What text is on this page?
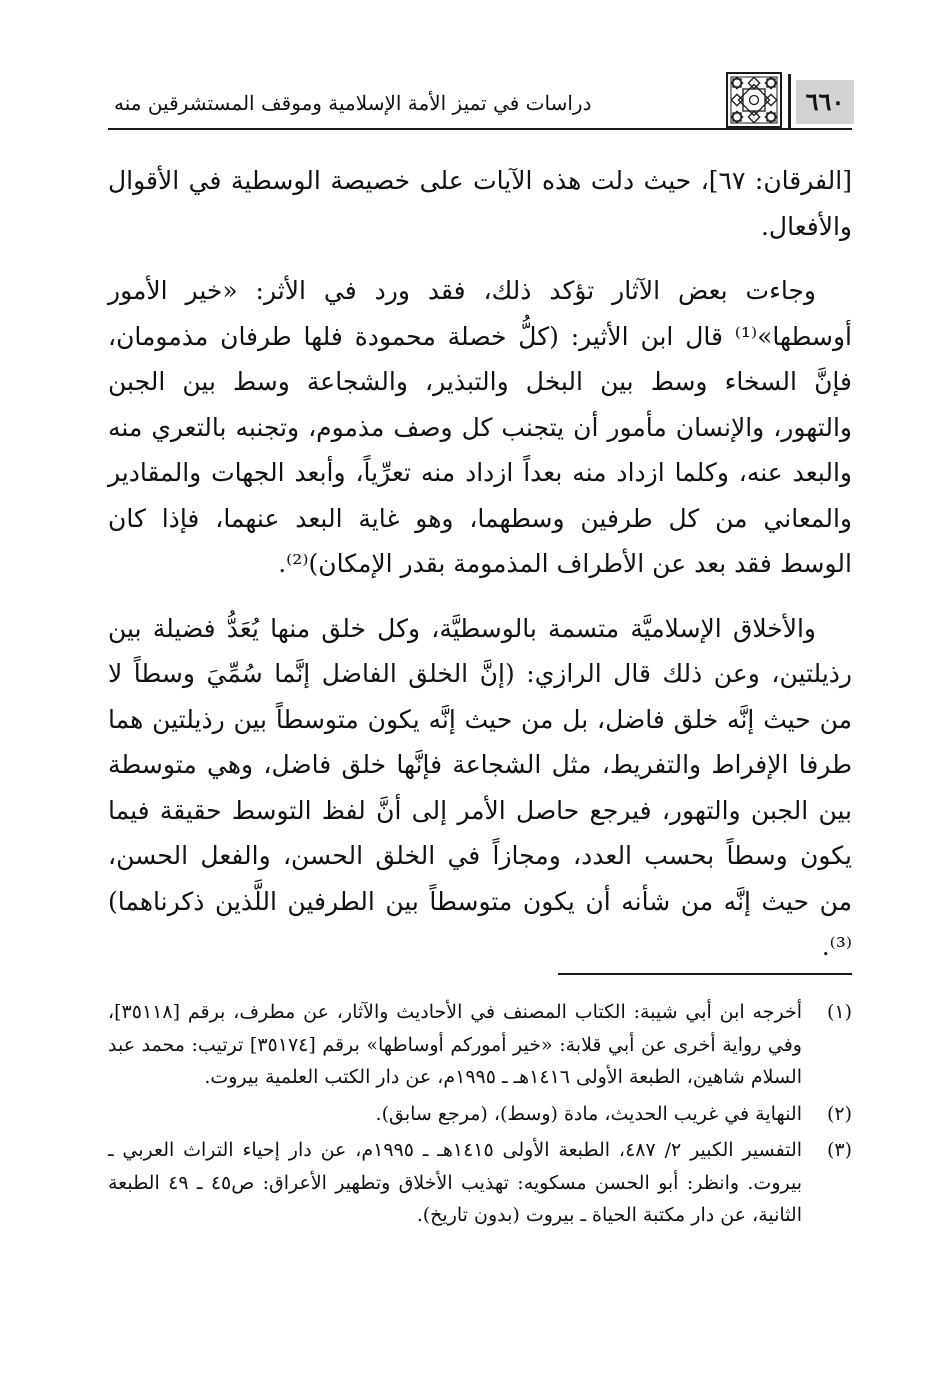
دراسات في تميز الأمة الإسلامية وموقف المستشرقين منه	٦٦٠

[الفرقان: ٦٧]، حيث دلت هذه الآيات على خصيصة الوسطية في الأقوال والأفعال.

وجاءت بعض الآثار تؤكد ذلك، فقد ورد في الأثر: «خير الأمور أوسطها»⁽¹⁾ قال ابن الأثير: (كلُّ خصلة محمودة فلها طرفان مذمومان، فإنَّ السخاء وسط بين البخل والتبذير، والشجاعة وسط بين الجبن والتهور، والإنسان مأمور أن يتجنب كل وصف مذموم، وتجنبه بالتعري منه والبعد عنه، وكلما ازداد منه بعداً ازداد منه تعرِّياً، وأبعد الجهات والمقادير والمعاني من كل طرفين وسطهما، وهو غاية البعد عنهما، فإذا كان الوسط فقد بعد عن الأطراف المذمومة بقدر الإمكان)⁽²⁾.

والأخلاق الإسلاميَّة متسمة بالوسطيَّة، وكل خلق منها يُعَدُّ فضيلة بين رذيلتين، وعن ذلك قال الرازي: (إنَّ الخلق الفاضل إنَّما سُمِّيَ وسطاً لا من حيث إنَّه خلق فاضل، بل من حيث إنَّه يكون متوسطاً بين رذيلتين هما طرفا الإفراط والتفريط، مثل الشجاعة فإنَّها خلق فاضل، وهي متوسطة بين الجبن والتهور، فيرجع حاصل الأمر إلى أنَّ لفظ التوسط حقيقة فيما يكون وسطاً بحسب العدد، ومجازاً في الخلق الحسن، والفعل الحسن، من حيث إنَّه من شأنه أن يكون متوسطاً بين الطرفين اللَّذين ذكرناهما)⁽³⁾.

(١)
أخرجه ابن أبي شيبة: الكتاب المصنف في الأحاديث والآثار، عن مطرف، برقم [٣٥١١٨]، وفي رواية أخرى عن أبي قلابة: «خير أموركم أوساطها» برقم [٣٥١٧٤] ترتيب: محمد عبد السلام شاهين، الطبعة الأولى ١٤١٦هـ ـ ١٩٩٥م، عن دار الكتب العلمية بيروت.
(٢)
النهاية في غريب الحديث، مادة (وسط)، (مرجع سابق).
(٣)
التفسير الكبير ٢/ ٤٨٧، الطبعة الأولى ١٤١٥هـ ـ ١٩٩٥م، عن دار إحياء التراث العربي ـ بيروت. وانظر: أبو الحسن مسكويه: تهذيب الأخلاق وتطهير الأعراق: ص٤٥ ـ ٤٩ الطبعة الثانية، عن دار مكتبة الحياة ـ بيروت (بدون تاريخ).
